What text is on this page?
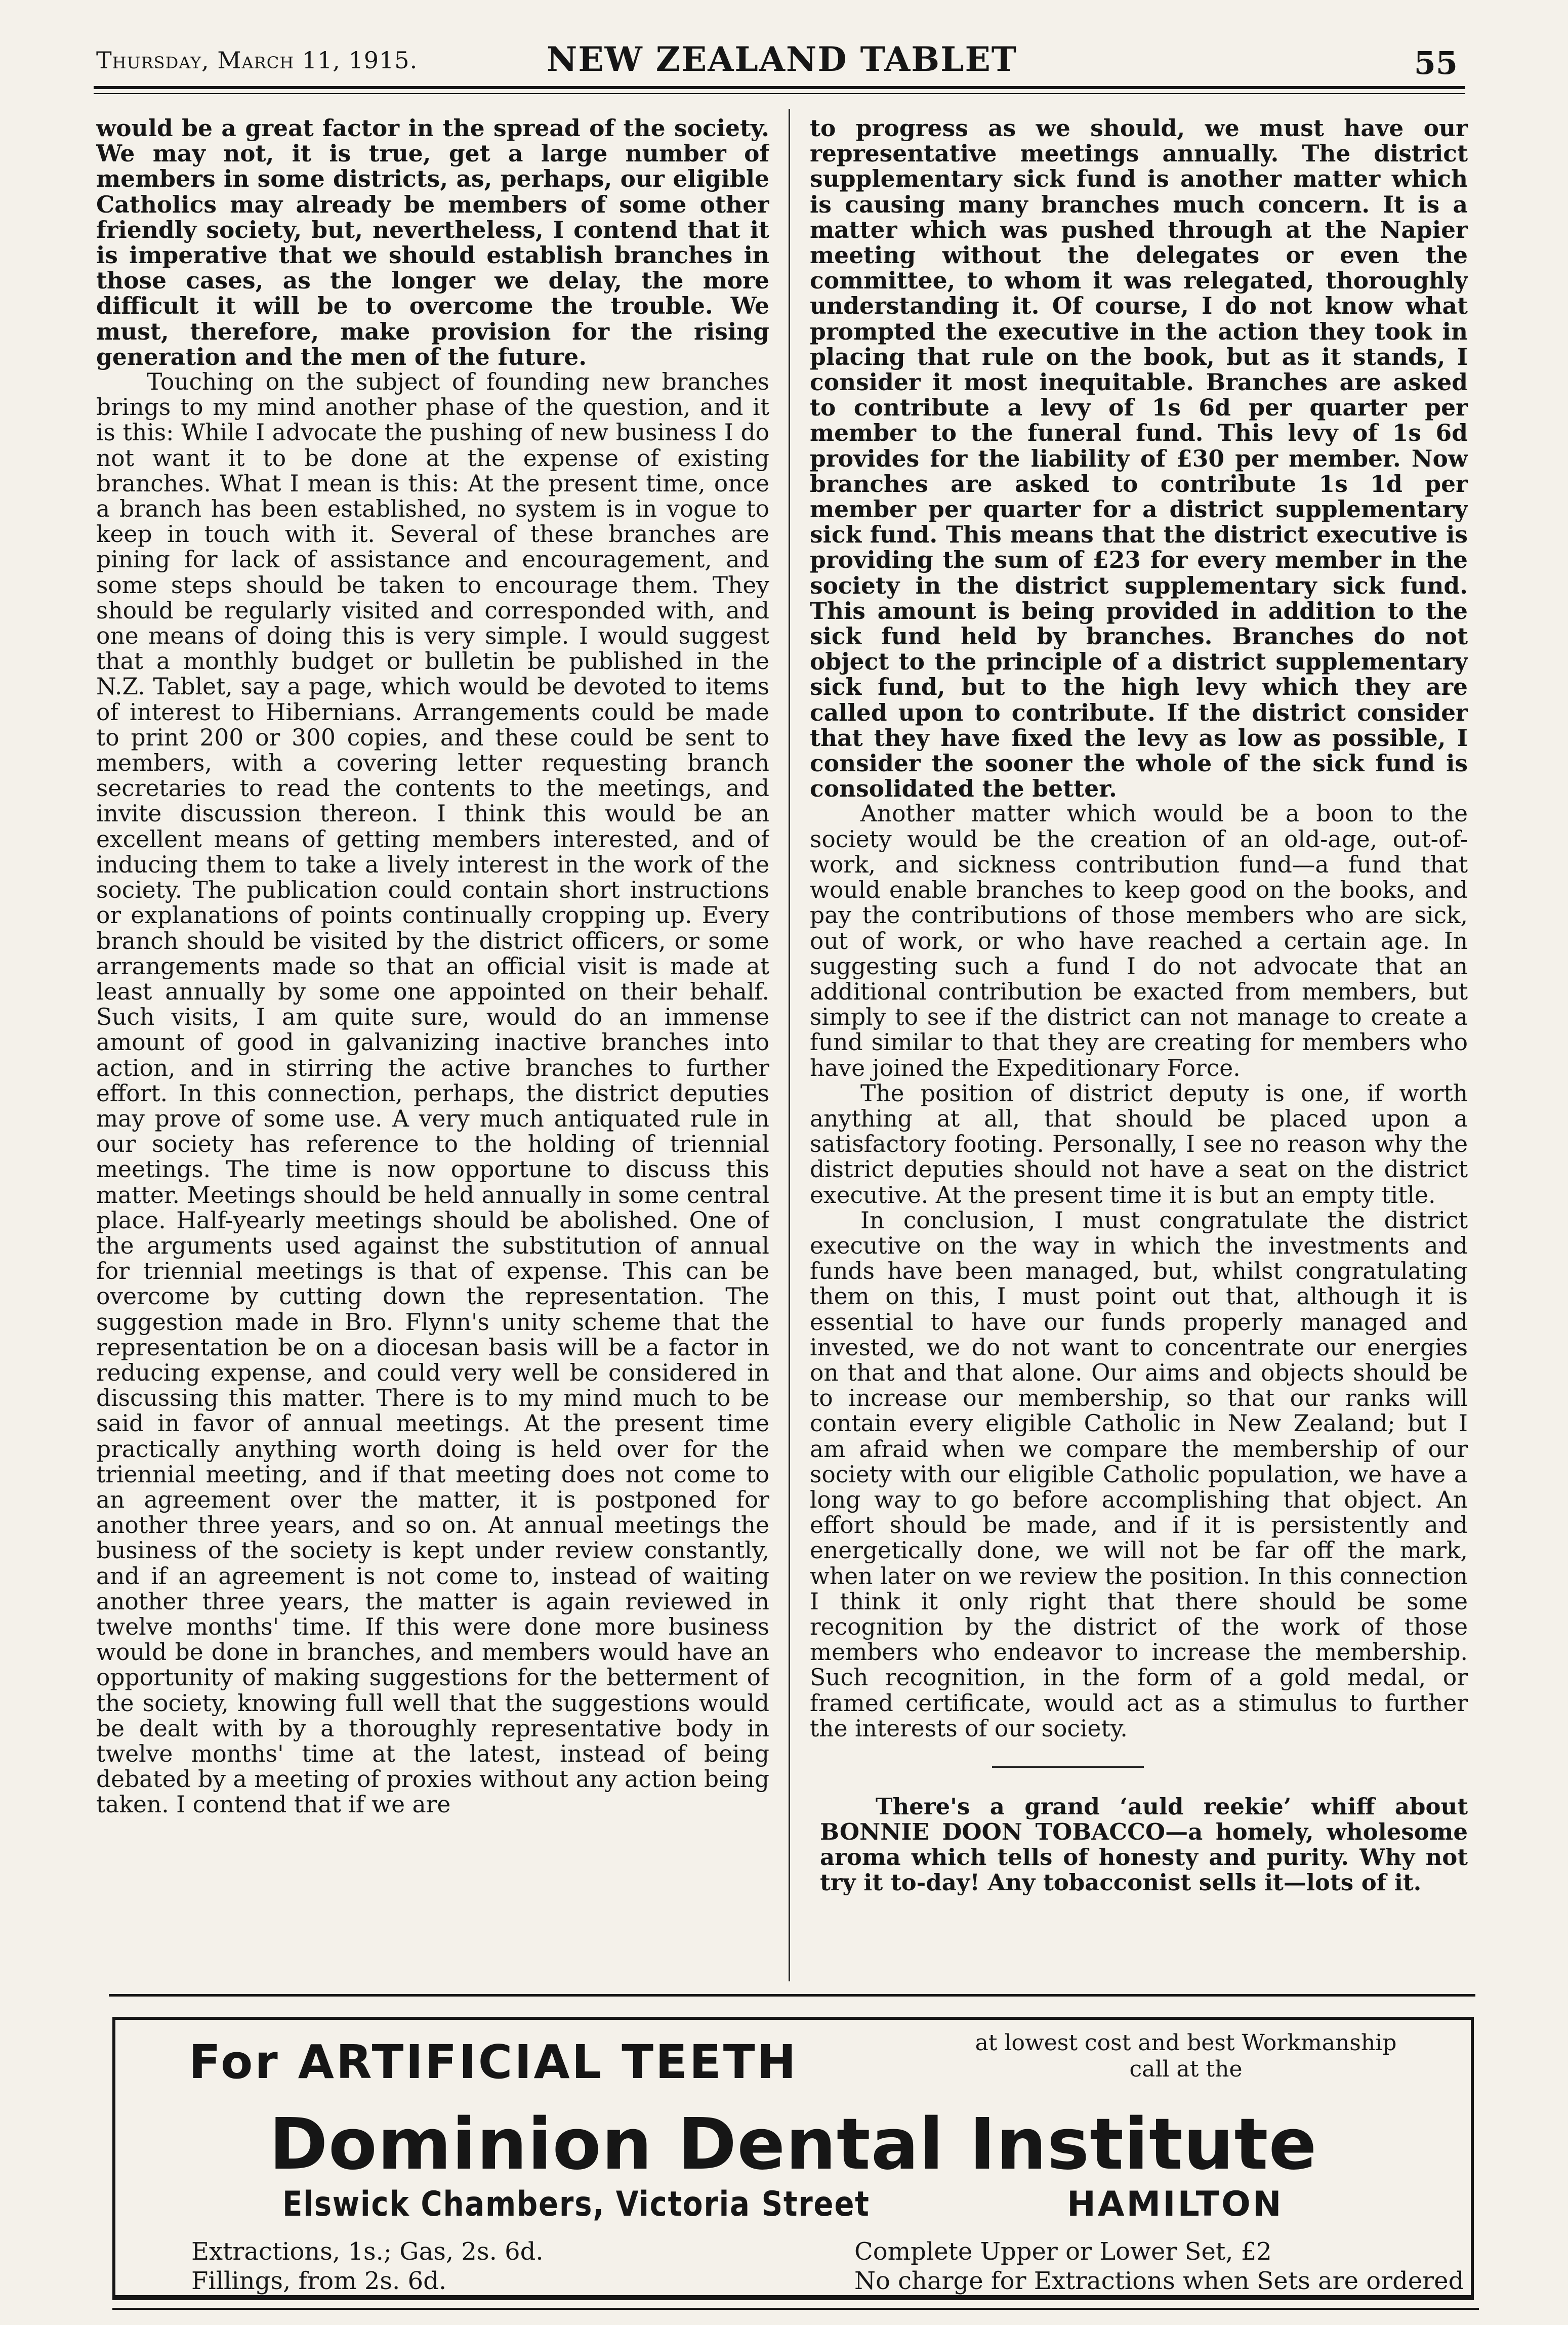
Thursday, March 11, 1915.	NEW ZEALAND TABLET	55

would be a great factor in the spread of the society. We may not, it is true, get a large number of members in some districts, as, perhaps, our eligible Catholics may already be members of some other friendly society, but, nevertheless, I contend that it is imperative that we should establish branches in those cases, as the longer we delay, the more difficult it will be to overcome the trouble. We must, therefore, make provision for the rising generation and the men of the future.

Touching on the subject of founding new branches brings to my mind another phase of the question, and it is this: While I advocate the pushing of new business I do not want it to be done at the expense of existing branches. What I mean is this: At the present time, once a branch has been established, no system is in vogue to keep in touch with it. Several of these branches are pining for lack of assistance and encouragement, and some steps should be taken to encourage them. They should be regularly visited and corresponded with, and one means of doing this is very simple. I would suggest that a monthly budget or bulletin be published in the N.Z. Tablet, say a page, which would be devoted to items of interest to Hibernians. Arrangements could be made to print 200 or 300 copies, and these could be sent to members, with a covering letter requesting branch secretaries to read the contents to the meetings, and invite discussion thereon. I think this would be an excellent means of getting members interested, and of inducing them to take a lively interest in the work of the society. The publication could contain short instructions or explanations of points continually cropping up. Every branch should be visited by the district officers, or some arrangements made so that an official visit is made at least annually by some one appointed on their behalf. Such visits, I am quite sure, would do an immense amount of good in galvanizing inactive branches into action, and in stirring the active branches to further effort. In this connection, perhaps, the district deputies may prove of some use. A very much antiquated rule in our society has reference to the holding of triennial meetings. The time is now opportune to discuss this matter. Meetings should be held annually in some central place. Half-yearly meetings should be abolished. One of the arguments used against the substitution of annual for triennial meetings is that of expense. This can be overcome by cutting down the representation. The suggestion made in Bro. Flynn's unity scheme that the representation be on a diocesan basis will be a factor in reducing expense, and could very well be considered in discussing this matter. There is to my mind much to be said in favor of annual meetings. At the present time practically anything worth doing is held over for the triennial meeting, and if that meeting does not come to an agreement over the matter, it is postponed for another three years, and so on. At annual meetings the business of the society is kept under review constantly, and if an agreement is not come to, instead of waiting another three years, the matter is again reviewed in twelve months' time. If this were done more business would be done in branches, and members would have an opportunity of making suggestions for the betterment of the society, knowing full well that the suggestions would be dealt with by a thoroughly representative body in twelve months' time at the latest, instead of being debated by a meeting of proxies without any action being taken. I contend that if we are

to progress as we should, we must have our representative meetings annually. The district supplementary sick fund is another matter which is causing many branches much concern. It is a matter which was pushed through at the Napier meeting without the delegates or even the committee, to whom it was relegated, thoroughly understanding it. Of course, I do not know what prompted the executive in the action they took in placing that rule on the book, but as it stands, I consider it most inequitable. Branches are asked to contribute a levy of 1s 6d per quarter per member to the funeral fund. This levy of 1s 6d provides for the liability of £30 per member. Now branches are asked to contribute 1s 1d per member per quarter for a district supplementary sick fund. This means that the district executive is providing the sum of £23 for every member in the society in the district supplementary sick fund. This amount is being provided in addition to the sick fund held by branches. Branches do not object to the principle of a district supplementary sick fund, but to the high levy which they are called upon to contribute. If the district consider that they have fixed the levy as low as possible, I consider the sooner the whole of the sick fund is consolidated the better.

Another matter which would be a boon to the society would be the creation of an old-age, out-of-work, and sickness contribution fund—a fund that would enable branches to keep good on the books, and pay the contributions of those members who are sick, out of work, or who have reached a certain age. In suggesting such a fund I do not advocate that an additional contribution be exacted from members, but simply to see if the district can not manage to create a fund similar to that they are creating for members who have joined the Expeditionary Force.

The position of district deputy is one, if worth anything at all, that should be placed upon a satisfactory footing. Personally, I see no reason why the district deputies should not have a seat on the district executive. At the present time it is but an empty title.

In conclusion, I must congratulate the district executive on the way in which the investments and funds have been managed, but, whilst congratulating them on this, I must point out that, although it is essential to have our funds properly managed and invested, we do not want to concentrate our energies on that and that alone. Our aims and objects should be to increase our membership, so that our ranks will contain every eligible Catholic in New Zealand; but I am afraid when we compare the membership of our society with our eligible Catholic population, we have a long way to go before accomplishing that object. An effort should be made, and if it is persistently and energetically done, we will not be far off the mark, when later on we review the position. In this connection I think it only right that there should be some recognition by the district of the work of those members who endeavor to increase the membership. Such recognition, in the form of a gold medal, or framed certificate, would act as a stimulus to further the interests of our society.

There's a grand ‘auld reekie’ whiff about BONNIE DOON TOBACCO—a homely, wholesome aroma which tells of honesty and purity. Why not try it to-day! Any tobacconist sells it—lots of it.

For ARTIFICIAL TEETH	at lowest cost and best Workmanship
call at the
Dominion Dental Institute
Elswick Chambers, Victoria Street	HAMILTON
Extractions, 1s.; Gas, 2s. 6d.
Fillings, from 2s. 6d.
Complete Upper or Lower Set, £2
No charge for Extractions when Sets are ordered
